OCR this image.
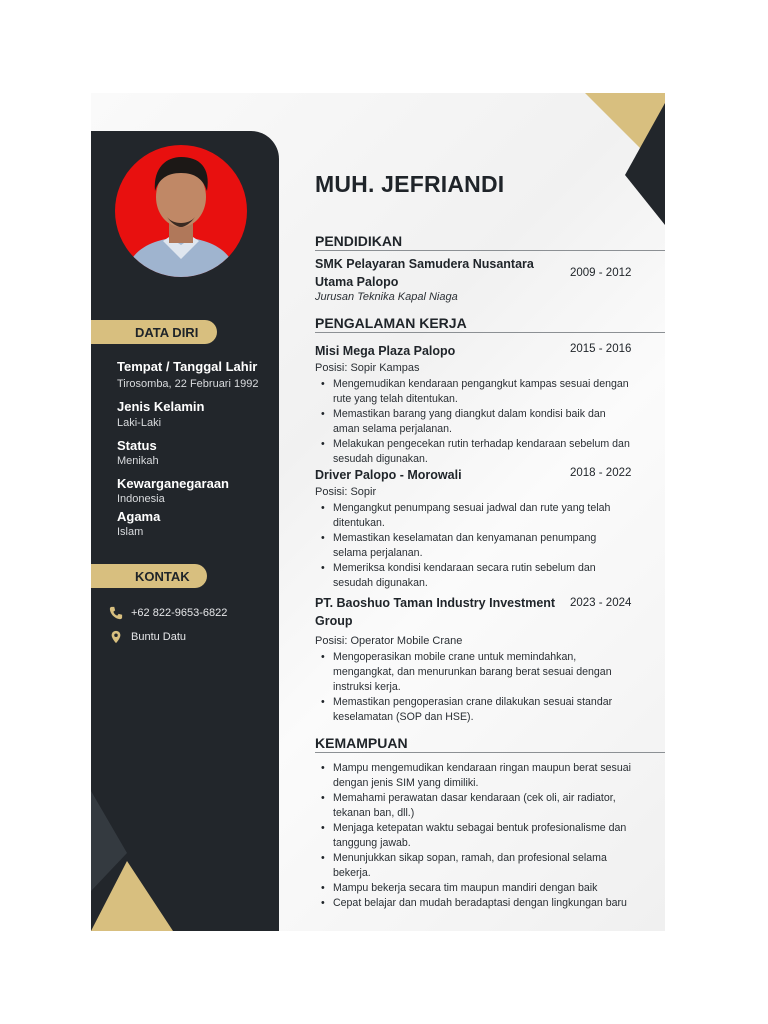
DATA DIRI
Tempat / Tanggal Lahir
Tirosomba, 22 Februari 1992
Jenis Kelamin
Laki-Laki
Status
Menikah
Kewarganegaraan
Indonesia
Agama
Islam
KONTAK
+62 822-9653-6822
Buntu Datu
MUH. JEFRIANDI
PENDIDIKAN
SMK Pelayaran Samudera Nusantara
Utama Palopo
2009 - 2012
Jurusan Teknika Kapal Niaga
PENGALAMAN KERJA
Misi Mega Plaza Palopo	2015 - 2016
Posisi: Sopir Kampas
• Mengemudikan kendaraan pengangkut kampas sesuai dengan rute yang telah ditentukan.
• Memastikan barang yang diangkut dalam kondisi baik dan aman selama perjalanan.
• Melakukan pengecekan rutin terhadap kendaraan sebelum dan sesudah digunakan.
Driver Palopo - Morowali	2018 - 2022
Posisi: Sopir
• Mengangkut penumpang sesuai jadwal dan rute yang telah ditentukan.
• Memastikan keselamatan dan kenyamanan penumpang selama perjalanan.
• Memeriksa kondisi kendaraan secara rutin sebelum dan sesudah digunakan.
PT. Baoshuo Taman Industry Investment
Group
2023 - 2024
Posisi: Operator Mobile Crane
• Mengoperasikan mobile crane untuk memindahkan, mengangkat, dan menurunkan barang berat sesuai dengan instruksi kerja.
• Memastikan pengoperasian crane dilakukan sesuai standar keselamatan (SOP dan HSE).
KEMAMPUAN
• Mampu mengemudikan kendaraan ringan maupun berat sesuai dengan jenis SIM yang dimiliki.
• Memahami perawatan dasar kendaraan (cek oli, air radiator, tekanan ban, dll.)
• Menjaga ketepatan waktu sebagai bentuk profesionalisme dan tanggung jawab.
• Menunjukkan sikap sopan, ramah, dan profesional selama bekerja.
• Mampu bekerja secara tim maupun mandiri dengan baik
• Cepat belajar dan mudah beradaptasi dengan lingkungan baru
